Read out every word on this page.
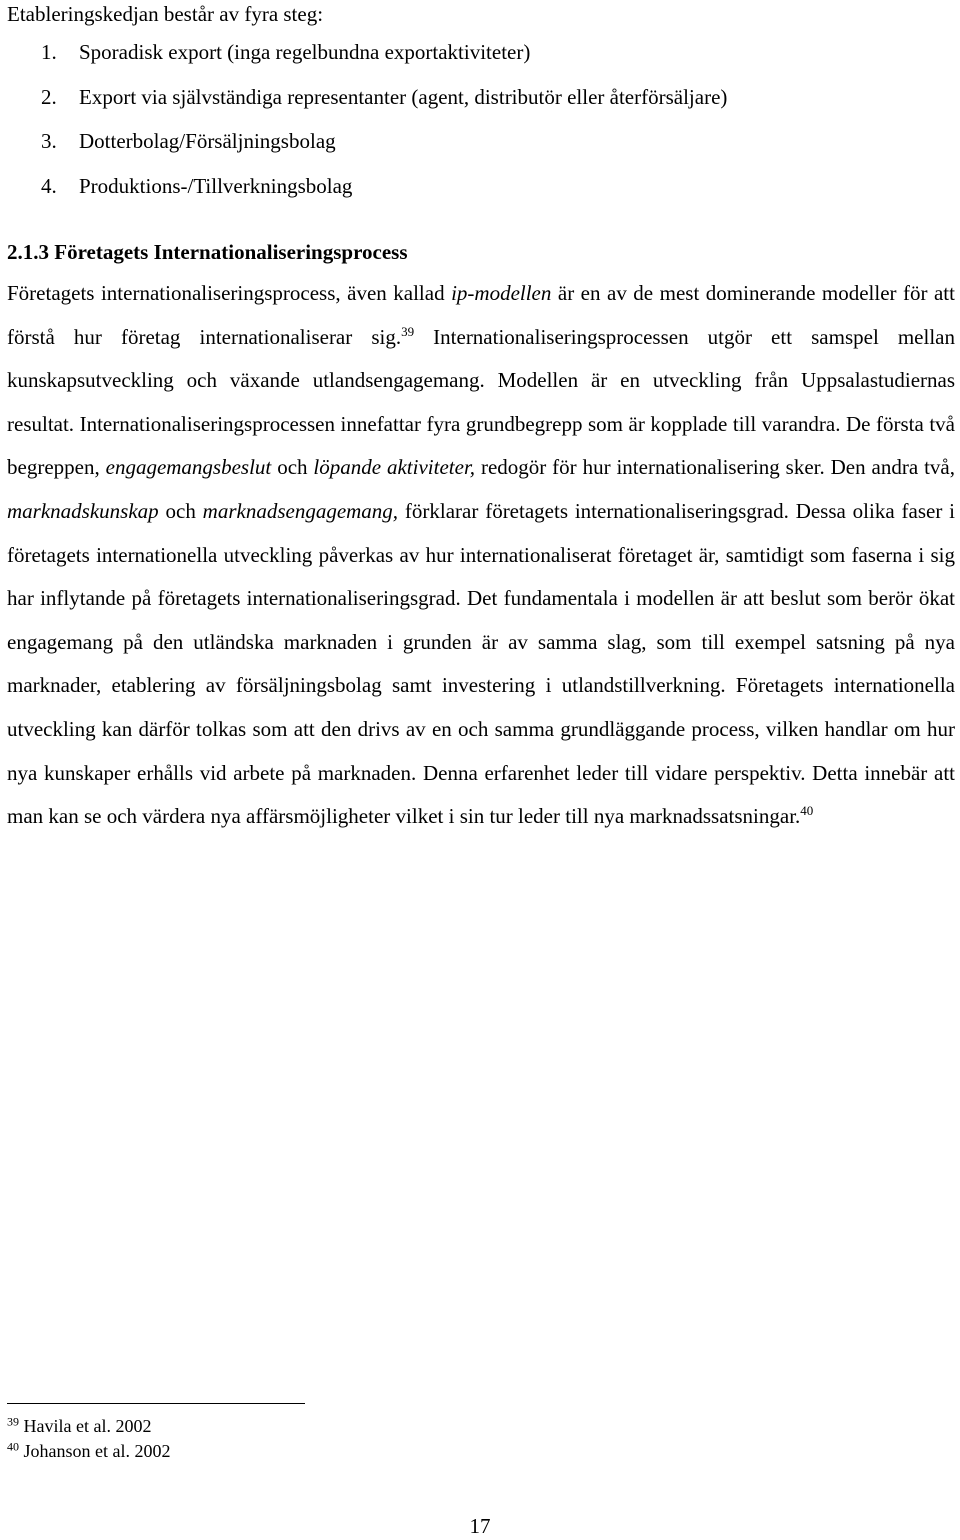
Etableringskedjan består av fyra steg:

1. Sporadisk export (inga regelbundna exportaktiviteter)
2. Export via självständiga representanter (agent, distributör eller återförsäljare)
3. Dotterbolag/Försäljningsbolag
4. Produktions-/Tillverkningsbolag
2.1.3 Företagets Internationaliseringsprocess

Företagets internationaliseringsprocess, även kallad ip-modellen är en av de mest dominerande modeller för att förstå hur företag internationaliserar sig.$^{39}$ Internationaliseringsprocessen utgör ett samspel mellan kunskapsutveckling och växande utlandsengagemang. Modellen är en utveckling från Uppsalastudiernas resultat. Internationaliseringsprocessen innefattar fyra grundbegrepp som är kopplade till varandra. De första två begreppen, engagemangsbeslut och löpande aktiviteter, redogör för hur internationalisering sker. Den andra två, marknadskunskap och marknadsengagemang, förklarar företagets internationaliseringsgrad. Dessa olika faser i företagets internationella utveckling påverkas av hur internationaliserat företaget är, samtidigt som faserna i sig har inflytande på företagets internationaliseringsgrad. Det fundamentala i modellen är att beslut som berör ökat engagemang på den utländska marknaden i grunden är av samma slag, som till exempel satsning på nya marknader, etablering av försäljningsbolag samt investering i utlandstillverkning. Företagets internationella utveckling kan därför tolkas som att den drivs av en och samma grundläggande process, vilken handlar om hur nya kunskaper erhålls vid arbete på marknaden. Denna erfarenhet leder till vidare perspektiv. Detta innebär att man kan se och värdera nya affärsmöjligheter vilket i sin tur leder till nya marknadssatsningar.$^{40}$

$^{39}$ Havila et al. 2002
$^{40}$ Johanson et al. 2002
17
